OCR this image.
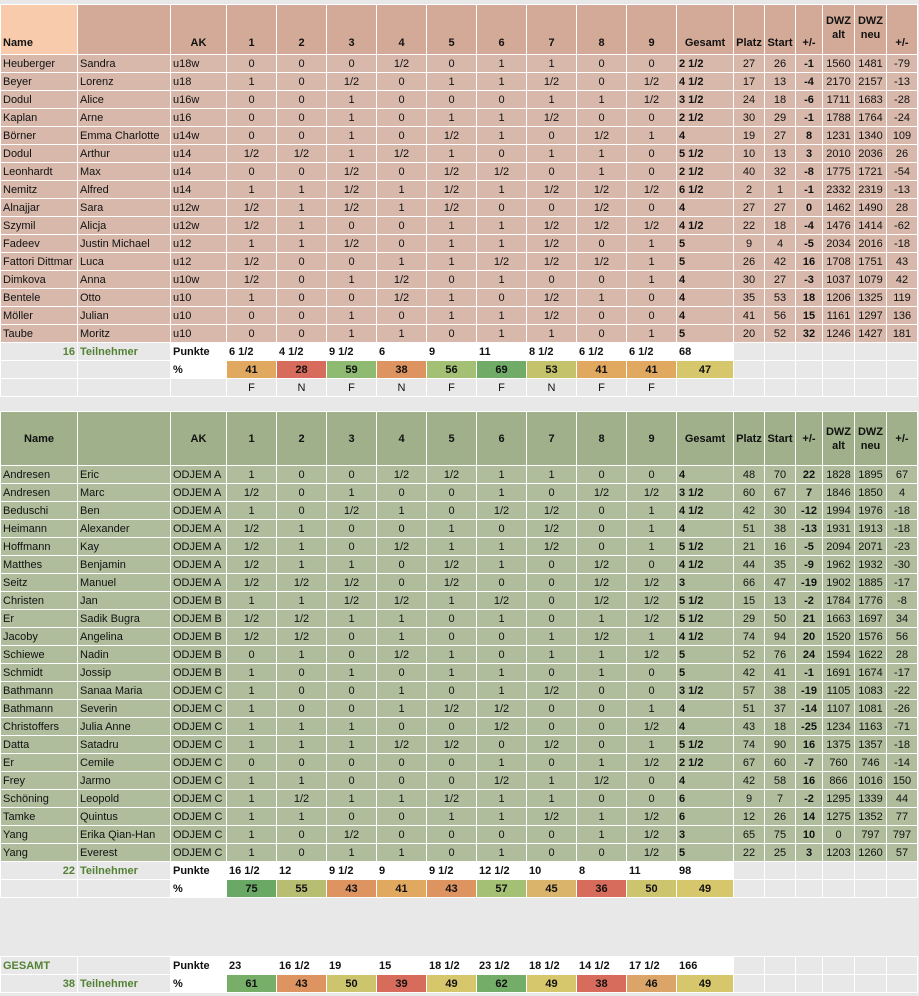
Name		AK	1	2	3	4	5	6	7	8	9	Gesamt	Platz	Start	+/-	DWZ alt	DWZ neu	+/-
Heuberger	Sandra	u18w	0	0	0	1/2	0	1	1	0	0	2 1/2	27	26	-1	1560	1481	-79
Beyer	Lorenz	u18	1	0	1/2	0	1	1	1/2	0	1/2	4 1/2	17	13	-4	2170	2157	-13
Dodul	Alice	u16w	0	0	1	0	0	0	1	1	1/2	3 1/2	24	18	-6	1711	1683	-28
Kaplan	Arne	u16	0	0	1	0	1	1	1/2	0	0	2 1/2	30	29	-1	1788	1764	-24
Börner	Emma Charlotte	u14w	0	0	1	0	1/2	1	0	1/2	1	4	19	27	8	1231	1340	109
Dodul	Arthur	u14	1/2	1/2	1	1/2	1	0	1	1	0	5 1/2	10	13	3	2010	2036	26
Leonhardt	Max	u14	0	0	1/2	0	1/2	1/2	0	1	0	2 1/2	40	32	-8	1775	1721	-54
Nemitz	Alfred	u14	1	1	1/2	1	1/2	1	1/2	1/2	1/2	6 1/2	2	1	-1	2332	2319	-13
Alnajjar	Sara	u12w	1/2	1	1/2	1	1/2	0	0	1/2	0	4	27	27	0	1462	1490	28
Szymil	Alicja	u12w	1/2	1	0	0	1	1	1/2	1/2	1/2	4 1/2	22	18	-4	1476	1414	-62
Fadeev	Justin Michael	u12	1	1	1/2	0	1	1	1/2	0	1	5	9	4	-5	2034	2016	-18
Fattori Dittmar	Luca	u12	1/2	0	0	1	1	1/2	1/2	1/2	1	5	26	42	16	1708	1751	43
Dimkova	Anna	u10w	1/2	0	1	1/2	0	1	0	0	1	4	30	27	-3	1037	1079	42
Bentele	Otto	u10	1	0	0	1/2	1	0	1/2	1	0	4	35	53	18	1206	1325	119
Möller	Julian	u10	0	0	1	0	1	1	1/2	0	0	4	41	56	15	1161	1297	136
Taube	Moritz	u10	0	0	1	1	0	1	1	0	1	5	20	52	32	1246	1427	181
16	Teilnehmer	Punkte	6 1/2	4 1/2	9 1/2	6	9	11	8 1/2	6 1/2	6 1/2	68						
		%	41	28	59	38	56	69	53	41	41	47						
			F	N	F	N	F	F	N	F	F							
Name		AK	1	2	3	4	5	6	7	8	9	Gesamt	Platz	Start	+/-	DWZ alt	DWZ neu	+/-
Andresen	Eric	ODJEM A	1	0	0	1/2	1/2	1	1	0	0	4	48	70	22	1828	1895	67
Andresen	Marc	ODJEM A	1/2	0	1	0	0	1	0	1/2	1/2	3 1/2	60	67	7	1846	1850	4
Beduschi	Ben	ODJEM A	1	0	1/2	1	0	1/2	1/2	0	1	4 1/2	42	30	-12	1994	1976	-18
Heimann	Alexander	ODJEM A	1/2	1	0	0	1	0	1/2	0	1	4	51	38	-13	1931	1913	-18
Hoffmann	Kay	ODJEM A	1/2	1	0	1/2	1	1	1/2	0	1	5 1/2	21	16	-5	2094	2071	-23
Matthes	Benjamin	ODJEM A	1/2	1	1	0	1/2	1	0	1/2	0	4 1/2	44	35	-9	1962	1932	-30
Seitz	Manuel	ODJEM A	1/2	1/2	1/2	0	1/2	0	0	1/2	1/2	3	66	47	-19	1902	1885	-17
Christen	Jan	ODJEM B	1	1	1/2	1/2	1	1/2	0	1/2	1/2	5 1/2	15	13	-2	1784	1776	-8
Er	Sadik Bugra	ODJEM B	1/2	1/2	1	1	0	1	0	1	1/2	5 1/2	29	50	21	1663	1697	34
Jacoby	Angelina	ODJEM B	1/2	1/2	0	1	0	0	1	1/2	1	4 1/2	74	94	20	1520	1576	56
Schiewe	Nadin	ODJEM B	0	1	0	1/2	1	0	1	1	1/2	5	52	76	24	1594	1622	28
Schmidt	Jossip	ODJEM B	1	0	1	0	1	1	0	1	0	5	42	41	-1	1691	1674	-17
Bathmann	Sanaa Maria	ODJEM C	1	0	0	1	0	1	1/2	0	0	3 1/2	57	38	-19	1105	1083	-22
Bathmann	Severin	ODJEM C	1	0	0	1	1/2	1/2	0	0	1	4	51	37	-14	1107	1081	-26
Christoffers	Julia Anne	ODJEM C	1	1	1	0	0	1/2	0	0	1/2	4	43	18	-25	1234	1163	-71
Datta	Satadru	ODJEM C	1	1	1	1/2	1/2	0	1/2	0	1	5 1/2	74	90	16	1375	1357	-18
Er	Cemile	ODJEM C	0	0	0	0	0	1	0	1	1/2	2 1/2	67	60	-7	760	746	-14
Frey	Jarmo	ODJEM C	1	1	0	0	0	1/2	1	1/2	0	4	42	58	16	866	1016	150
Schöning	Leopold	ODJEM C	1	1/2	1	1	1/2	1	1	0	0	6	9	7	-2	1295	1339	44
Tamke	Quintus	ODJEM C	1	1	0	0	1	1	1/2	1	1/2	6	12	26	14	1275	1352	77
Yang	Erika Qian-Han	ODJEM C	1	0	1/2	0	0	0	0	1	1/2	3	65	75	10	0	797	797
Yang	Everest	ODJEM C	1	0	1	1	0	1	0	0	1/2	5	22	25	3	1203	1260	57
22	Teilnehmer	Punkte	16 1/2	12	9 1/2	9	9 1/2	12 1/2	10	8	11	98						
		%	75	55	43	41	43	57	45	36	50	49						
GESAMT		Punkte	23	16 1/2	19	15	18 1/2	23 1/2	18 1/2	14 1/2	17 1/2	166						
38	Teilnehmer	%	61	43	50	39	49	62	49	38	46	49						
